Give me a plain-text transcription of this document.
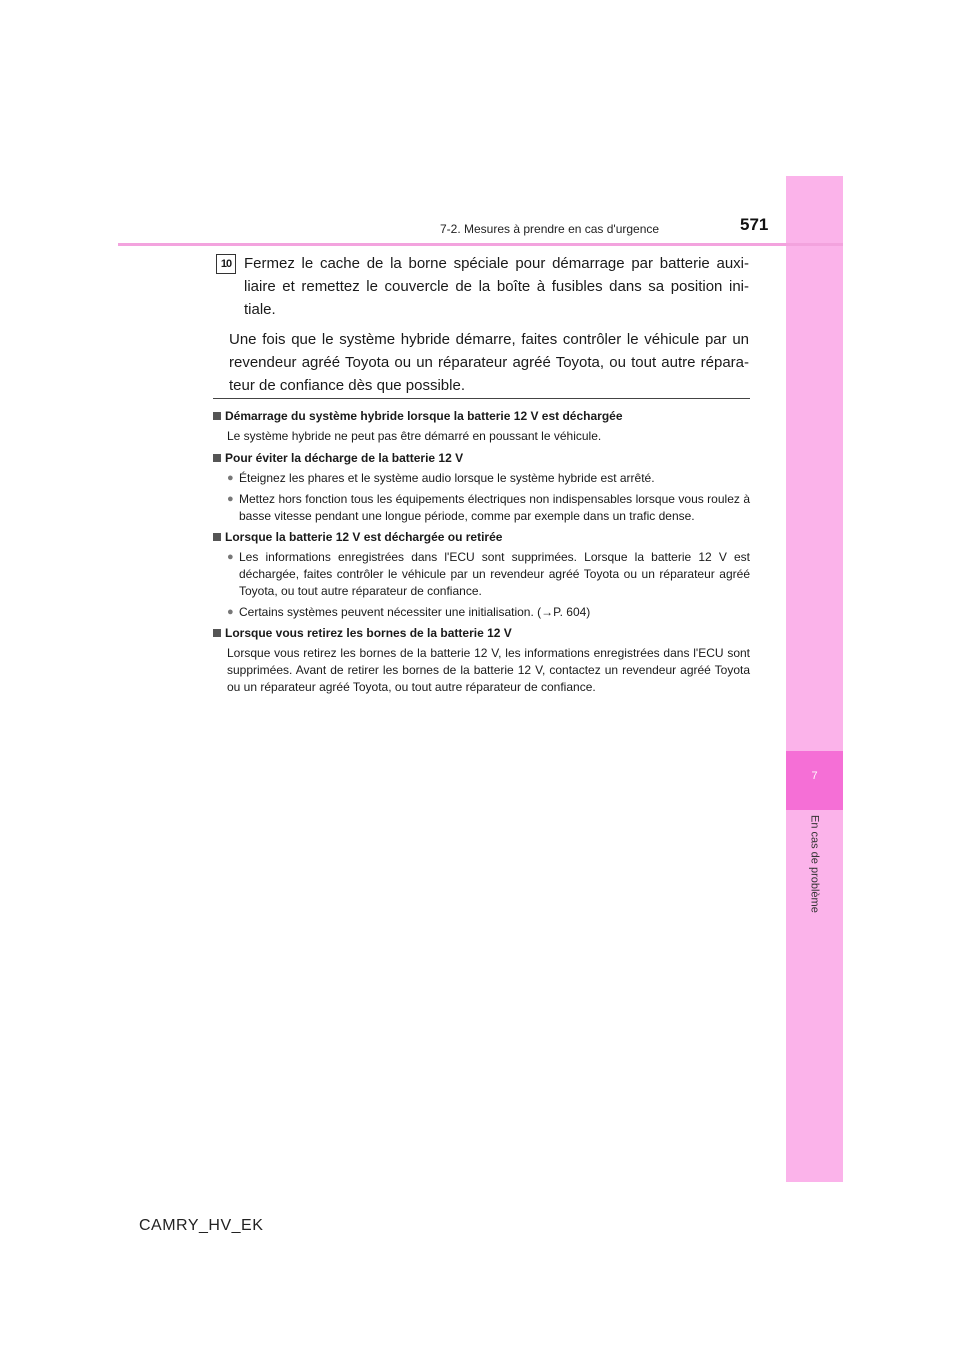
7
En cas de problème
7-2. Mesures à prendre en cas d'urgence	571
10 Fermez le cache de la borne spéciale pour démarrage par batterie auxi-liaire et remettez le couvercle de la boîte à fusibles dans sa position ini-tiale.

Une fois que le système hybride démarre, faites contrôler le véhicule par un revendeur agréé Toyota ou un réparateur agréé Toyota, ou tout autre répara-teur de confiance dès que possible.

Démarrage du système hybride lorsque la batterie 12 V est déchargée

Le système hybride ne peut pas être démarré en poussant le véhicule.

Pour éviter la décharge de la batterie 12 V

● Éteignez les phares et le système audio lorsque le système hybride est arrêté.
● Mettez hors fonction tous les équipements électriques non indispensables lorsque vous roulez à basse vitesse pendant une longue période, comme par exemple dans un trafic dense.

Lorsque la batterie 12 V est déchargée ou retirée

● Les informations enregistrées dans l'ECU sont supprimées. Lorsque la batterie 12 V est déchargée, faites contrôler le véhicule par un revendeur agréé Toyota ou un réparateur agréé Toyota, ou tout autre réparateur de confiance.
● Certains systèmes peuvent nécessiter une initialisation. (→P. 604)

Lorsque vous retirez les bornes de la batterie 12 V

Lorsque vous retirez les bornes de la batterie 12 V, les informations enregistrées dans l'ECU sont supprimées. Avant de retirer les bornes de la batterie 12 V, contactez un revendeur agréé Toyota ou un réparateur agréé Toyota, ou tout autre réparateur de confiance.

CAMRY_HV_EK
